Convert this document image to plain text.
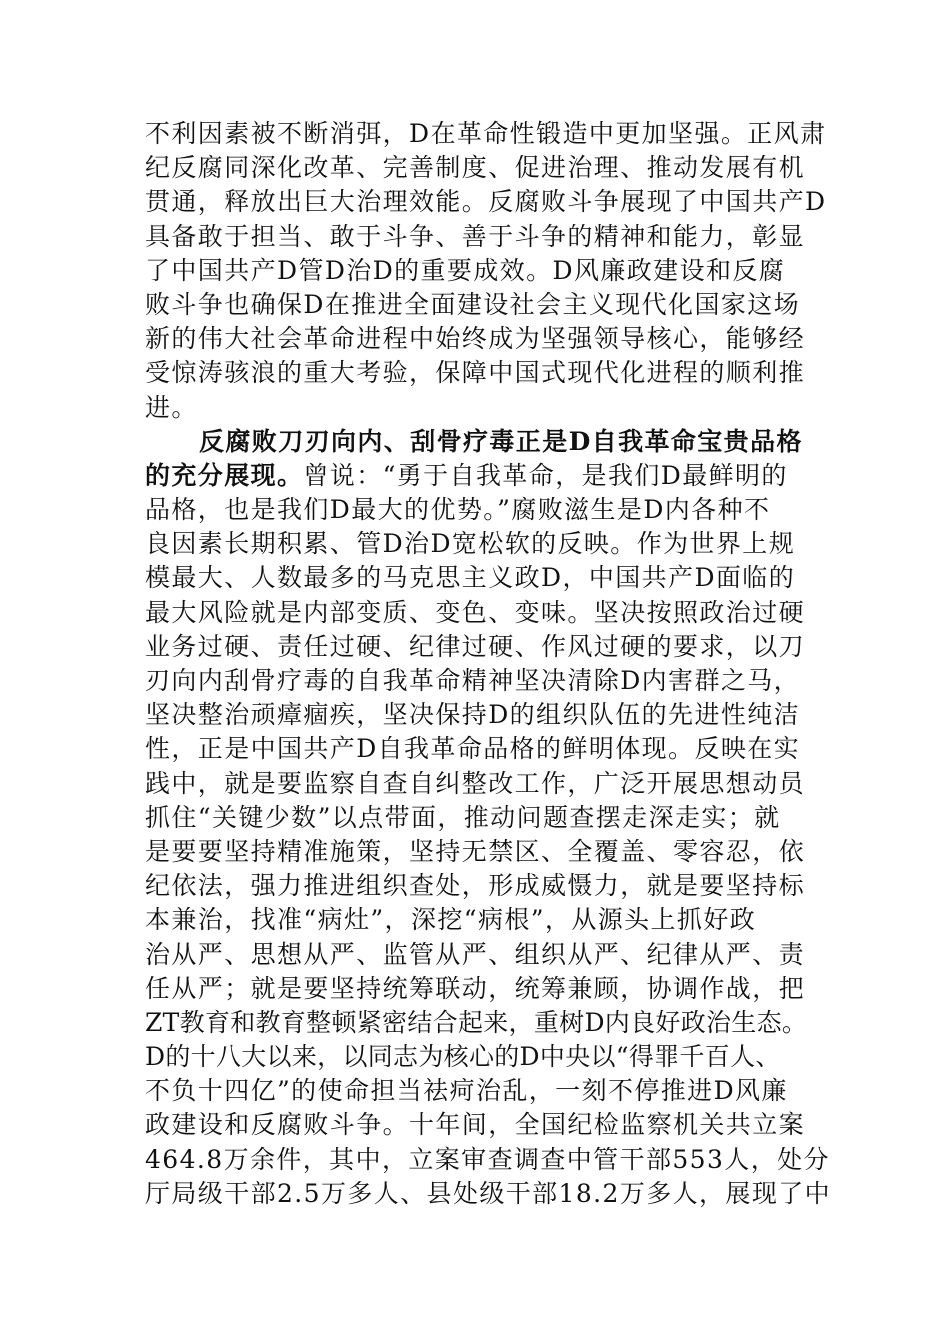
不利因素被不断消弭，D在革命性锻造中更加坚强。正风肃
纪反腐同深化改革、完善制度、促进治理、推动发展有机
贯通，释放出巨大治理效能。反腐败斗争展现了中国共产D
具备敢于担当、敢于斗争、善于斗争的精神和能力，彰显
了中国共产D管D治D的重要成效。D风廉政建设和反腐
败斗争也确保D在推进全面建设社会主义现代化国家这场
新的伟大社会革命进程中始终成为坚强领导核心，能够经
受惊涛骇浪的重大考验，保障中国式现代化进程的顺利推
进。
反腐败刀刃向内、刮骨疗毒正是D自我革命宝贵品格
的充分展现。曾说：“勇于自我革命，是我们D最鲜明的
品格，也是我们D最大的优势。”腐败滋生是D内各种不
良因素长期积累、管D治D宽松软的反映。作为世界上规
模最大、人数最多的马克思主义政D，中国共产D面临的
最大风险就是内部变质、变色、变味。坚决按照政治过硬
业务过硬、责任过硬、纪律过硬、作风过硬的要求，以刀
刃向内刮骨疗毒的自我革命精神坚决清除D内害群之马，
坚决整治顽瘴痼疾，坚决保持D的组织队伍的先进性纯洁
性，正是中国共产D自我革命品格的鲜明体现。反映在实
践中，就是要监察自查自纠整改工作，广泛开展思想动员
抓住“关键少数”以点带面，推动问题查摆走深走实；就
是要要坚持精准施策，坚持无禁区、全覆盖、零容忍，依
纪依法，强力推进组织查处，形成威慑力，就是要坚持标
本兼治，找准“病灶”，深挖“病根”，从源头上抓好政
治从严、思想从严、监管从严、组织从严、纪律从严、责
任从严；就是要坚持统筹联动，统筹兼顾，协调作战，把
ZT教育和教育整顿紧密结合起来，重树D内良好政治生态。
D的十八大以来，以同志为核心的D中央以“得罪千百人、
不负十四亿”的使命担当祛疴治乱，一刻不停推进D风廉
政建设和反腐败斗争。十年间，全国纪检监察机关共立案
464.8万余件，其中，立案审查调查中管干部553人，处分
厅局级干部2.5万多人、县处级干部18.2万多人，展现了中
